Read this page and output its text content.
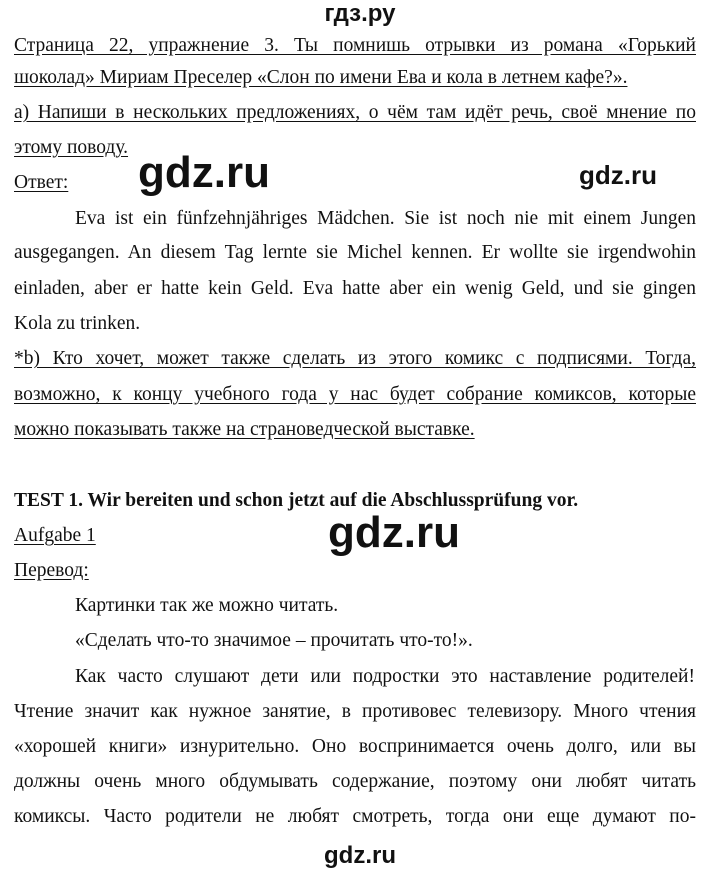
гдз.ру
Страница 22, упражнение 3. Ты помнишь отрывки из романа «Горький
шоколад» Мириам Преселер «Слон по имени Ева и кола в летнем кафе?».
а) Напиши в нескольких предложениях, о чём там идёт речь, своё мнение по
этому поводу.
Ответ:
Eva ist ein fünfzehnjähriges Mädchen. Sie ist noch nie mit einem Jungen
ausgegangen. An diesem Tag lernte sie Michel kennen. Er wollte sie irgendwohin
einladen, aber er hatte kein Geld. Eva hatte aber ein wenig Geld, und sie gingen
Kola zu trinken.
*b) Кто хочет, может также сделать из этого комикс с подписями. Тогда,
возможно, к концу учебного года у нас будет собрание комиксов, которые
можно показывать также на страноведческой выставке.
TEST 1. Wir bereiten und schon jetzt auf die Abschlussprüfung vor.
Aufgabe 1
Перевод:
Картинки так же можно читать.
«Сделать что-то значимое – прочитать что-то!».
Как часто слушают дети или подростки это наставление родителей!
Чтение значит как нужное занятие, в противовес телевизору. Много чтения
«хорошей книги» изнурительно. Оно воспринимается очень долго, или вы
должны очень много обдумывать содержание, поэтому они любят читать
комиксы. Часто родители не любят смотреть, тогда они еще думают по-
gdz.ru	gdz.ru
gdz.ru
gdz.ru
